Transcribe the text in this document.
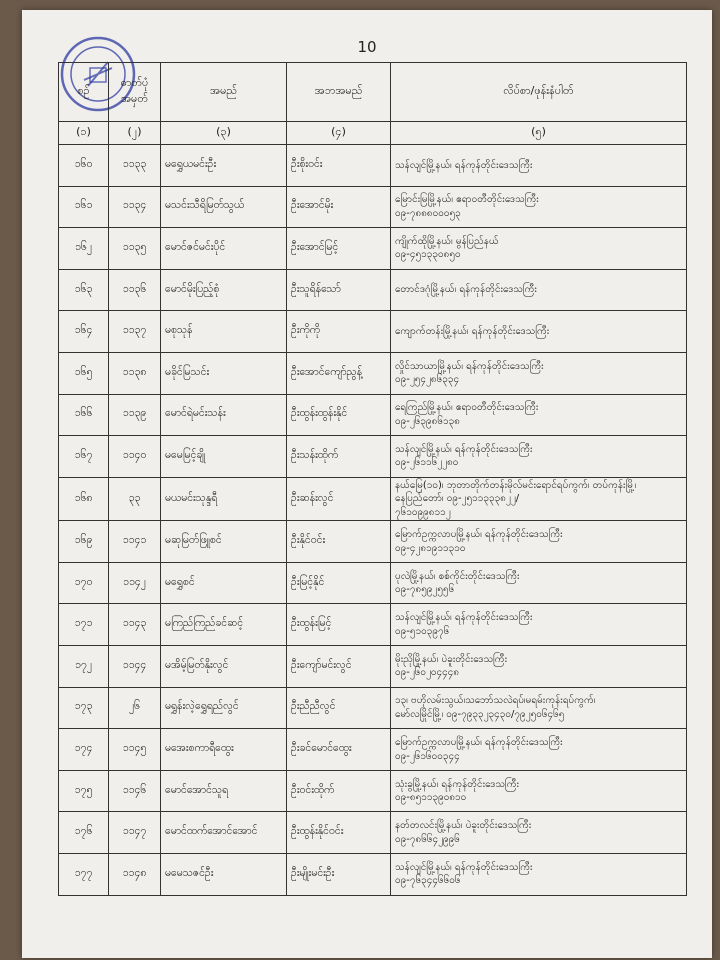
10
စဉ်	ဓာတ်ပုံ အမှတ်	အမည်	အဘအမည်	လိပ်စာ/ဖုန်းနံပါတ်
(၁)	(၂)	(၃)	(၄)	(၅)
၁၆၀	၁၁၃၃	မရွှေယမင်းဦး	ဦးစိုးဝင်း	သန်လျင်မြို့နယ်၊ ရန်ကုန်တိုင်းဒေသကြီး

၁၆၁	၁၁၃၄	မသင်းသီရိမြတ်သွယ်	ဦးအောင်မိုး	မြောင်းမြမြို့နယ်၊ ဧရာဝတီတိုင်းဒေသကြီး
၀၉-၇၈၈၈၀၀၀၅၃

၁၆၂	၁၁၃၅	မောင်ဇင်မင်းပိုင်	ဦးအောင်မြင့်	ကျိုက်ထိုမြို့နယ်၊ မွန်ပြည်နယ်
၀၉-၄၅၁၃၃၀၈၅၀

၁၆၃	၁၁၃၆	မောင်မိုးပြည့်စုံ	ဦးသူရိန်သော်	တောင်ဒဂုံမြို့နယ်၊ ရန်ကုန်တိုင်းဒေသကြီး

၁၆၄	၁၁၃၇	မစုသုန်	ဦးကိုကို	ကျောက်တန်းမြို့နယ်၊ ရန်ကုန်တိုင်းဒေသကြီး

၁၆၅	၁၁၃၈	မခိုင်မြသင်း	ဦးအောင်ကျော်ညွန့်	လှိုင်သာယာမြို့နယ်၊ ရန်ကုန်တိုင်းဒေသကြီး
၀၉-၂၅၄၂၈၆၃၃၄

၁၆၆	၁၁၃၉	မောင်ရဲမင်းသန်း	ဦးထွန်းထွန်းနိုင်	ရေကြည်မြို့နယ်၊ ဧရာဝတီတိုင်းဒေသကြီး
၀၉-၂၆၃၉၈၆၁၃၈

၁၆၇	၁၁၄၀	မမေမြင့်ချို	ဦးသန်းထိုက်	သန်လျင်မြို့နယ်၊ ရန်ကုန်တိုင်းဒေသကြီး
၀၉-၂၆၁၁၆၂၂၈၀

၁၆၈	၃၃	မယမင်းသုန္ဒရီ	ဦးဆန်းလွင်	နယ်မြေ(၁၀)၊ ဘုတာတိုက်တန်းမိုလ်မင်းရောင်ရပ်ကွက်၊ တပ်ကုန်းမြို့၊ နေပြည်တော်၊ ၀၉-၂၅၁၁၃၃၃၈၂၂/
၇၆၁၀၉၉၈၁၁၂

၁၆၉	၁၁၄၁	မဆုမြတ်ဖြူစင်	ဦးနိုင်ဝင်း	မြောက်ဥက္ကလာပမြို့နယ်၊ ရန်ကုန်တိုင်းဒေသကြီး
၀၉-၄၂၈၁၉၁၁၃၁၀

၁၇၀	၁၁၄၂	မရွှေစင်	ဦးမြင့်နိုင်	ပုလဲမြို့နယ်၊ စစ်ကိုင်းတိုင်းဒေသကြီး
၀၉-၇၈၅၉၂၅၅၆

၁၇၁	၁၁၄၃	မကြည်ကြည်ခင်ဆင့်	ဦးထွန်းမြင့်	သန်လျင်မြို့နယ်၊ ရန်ကုန်တိုင်းဒေသကြီး
၀၉-၅၁၀၃၉၇၆

၁၇၂	၁၁၄၄	မအိမ့်မြတ်နိုးလွင်	ဦးကျော်မင်းလွင်	မိုးညိုမြို့နယ်၊ ပဲခူးတိုင်းဒေသကြီး
၀၉-၂၆၀၂၀၄၄၄၈

၁၇၃	၂၆	မရွှန်းလဲ့ရွှေရည်လွင်	ဦးညီညီလွင်	၁၃၊ ဗဟိုလမ်းသွယ်၊သဘော်သလဲရပ်၊မရမ်းကုန်းရပ်ကွက်၊
မော်လမြိုင်မြို့၊ ၀၉-၇၉၃၃၂၃၄၃၀/၇၉၂၅၀၆၄၆၅

၁၇၄	၁၁၄၅	မအေးစကာရီထွေး	ဦးခင်မောင်ထွေး	မြောက်ဥက္ကလာပမြို့နယ်၊ ရန်ကုန်တိုင်းဒေသကြီး
၀၉-၂၆၁၆၀၀၃၄၄

၁၇၅	၁၁၄၆	မောင်အောင်သူရ	ဦးဝင်းထိုက်	သုံးခွမြို့နယ်၊ ရန်ကုန်တိုင်းဒေသကြီး
၀၉-၈၅၁၁၃၉၀၈၁၀

၁၇၆	၁၁၄၇	မောင်ထက်အောင်အောင်	ဦးထွန်းနိုင်ဝင်း	နတ်တလင်းမြို့နယ်၊ ပဲခူးတိုင်းဒေသကြီး
၀၉-၇၈၆၆၄၂၉၉၆

၁၇၇	၁၁၄၈	မမေသဇင်ဦး	ဦးမျိုးမင်းဦး	သန်လျင်မြို့နယ်၊ ရန်ကုန်တိုင်းဒေသကြီး
၀၉-၇၆၃၄၄၆၆၀၆
